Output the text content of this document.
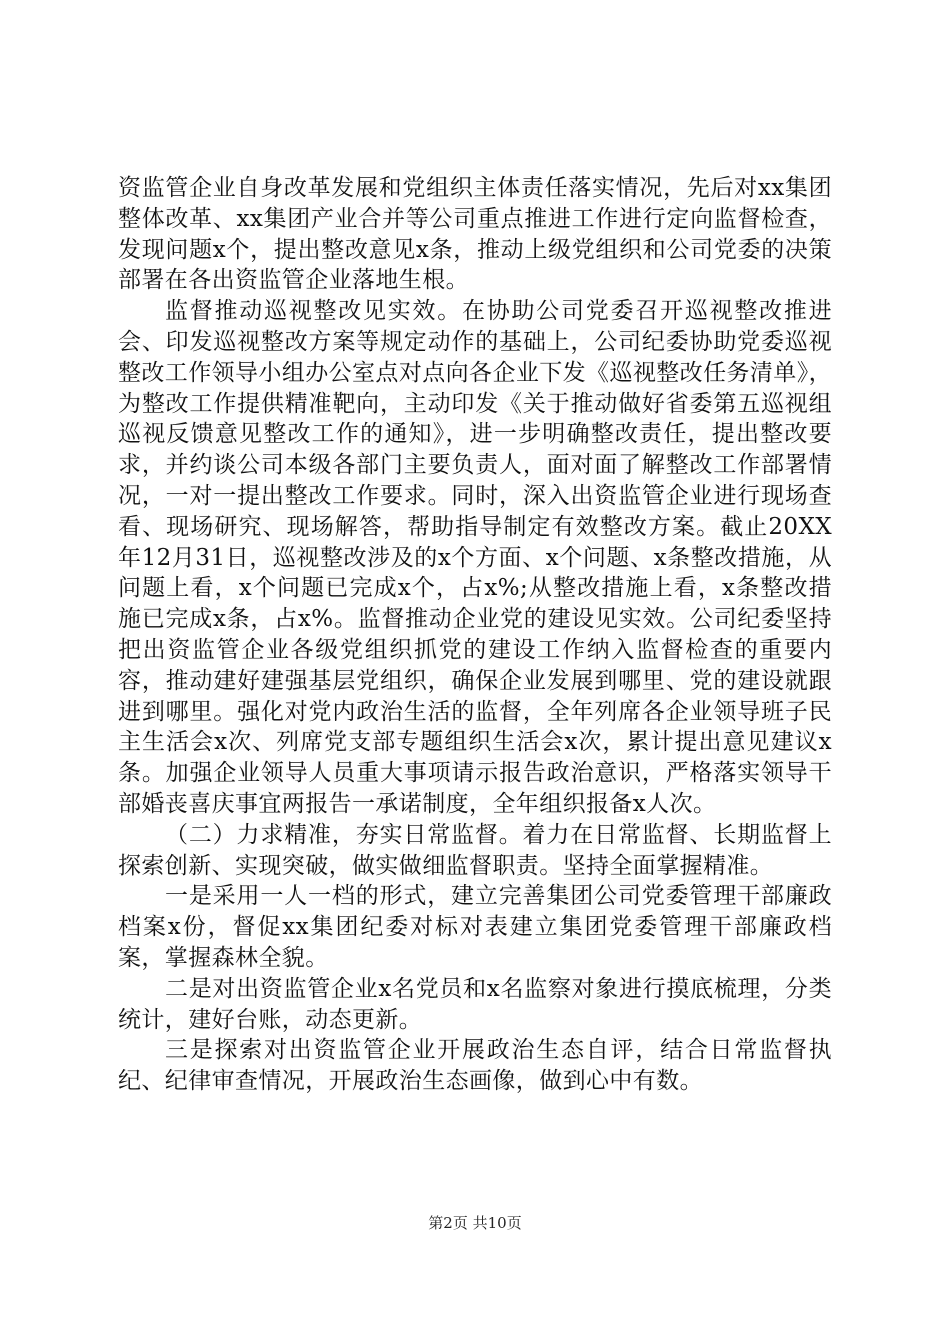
资监管企业自身改革发展和党组织主体责任落实情况，先后对xx集团整体改革、xx集团产业合并等公司重点推进工作进行定向监督检查，发现问题x个，提出整改意见x条，推动上级党组织和公司党委的决策部署在各出资监管企业落地生根。

监督推动巡视整改见实效。在协助公司党委召开巡视整改推进会、印发巡视整改方案等规定动作的基础上，公司纪委协助党委巡视整改工作领导小组办公室点对点向各企业下发《巡视整改任务清单》，为整改工作提供精准靶向，主动印发《关于推动做好省委第五巡视组巡视反馈意见整改工作的通知》，进一步明确整改责任，提出整改要求，并约谈公司本级各部门主要负责人，面对面了解整改工作部署情况，一对一提出整改工作要求。同时，深入出资监管企业进行现场查看、现场研究、现场解答，帮助指导制定有效整改方案。截止20XX年12月31日，巡视整改涉及的x个方面、x个问题、x条整改措施，从问题上看，x个问题已完成x个，占x%;从整改措施上看，x条整改措施已完成x条，占x%。监督推动企业党的建设见实效。公司纪委坚持把出资监管企业各级党组织抓党的建设工作纳入监督检查的重要内容，推动建好建强基层党组织，确保企业发展到哪里、党的建设就跟进到哪里。强化对党内政治生活的监督，全年列席各企业领导班子民主生活会x次、列席党支部专题组织生活会x次，累计提出意见建议x条。加强企业领导人员重大事项请示报告政治意识，严格落实领导干部婚丧喜庆事宜两报告一承诺制度，全年组织报备x人次。

（二）力求精准，夯实日常监督。着力在日常监督、长期监督上探索创新、实现突破，做实做细监督职责。坚持全面掌握精准。

一是采用一人一档的形式，建立完善集团公司党委管理干部廉政档案x份，督促xx集团纪委对标对表建立集团党委管理干部廉政档案，掌握森林全貌。

二是对出资监管企业x名党员和x名监察对象进行摸底梳理，分类统计，建好台账，动态更新。

三是探索对出资监管企业开展政治生态自评，结合日常监督执纪、纪律审查情况，开展政治生态画像，做到心中有数。

第2页 共10页
